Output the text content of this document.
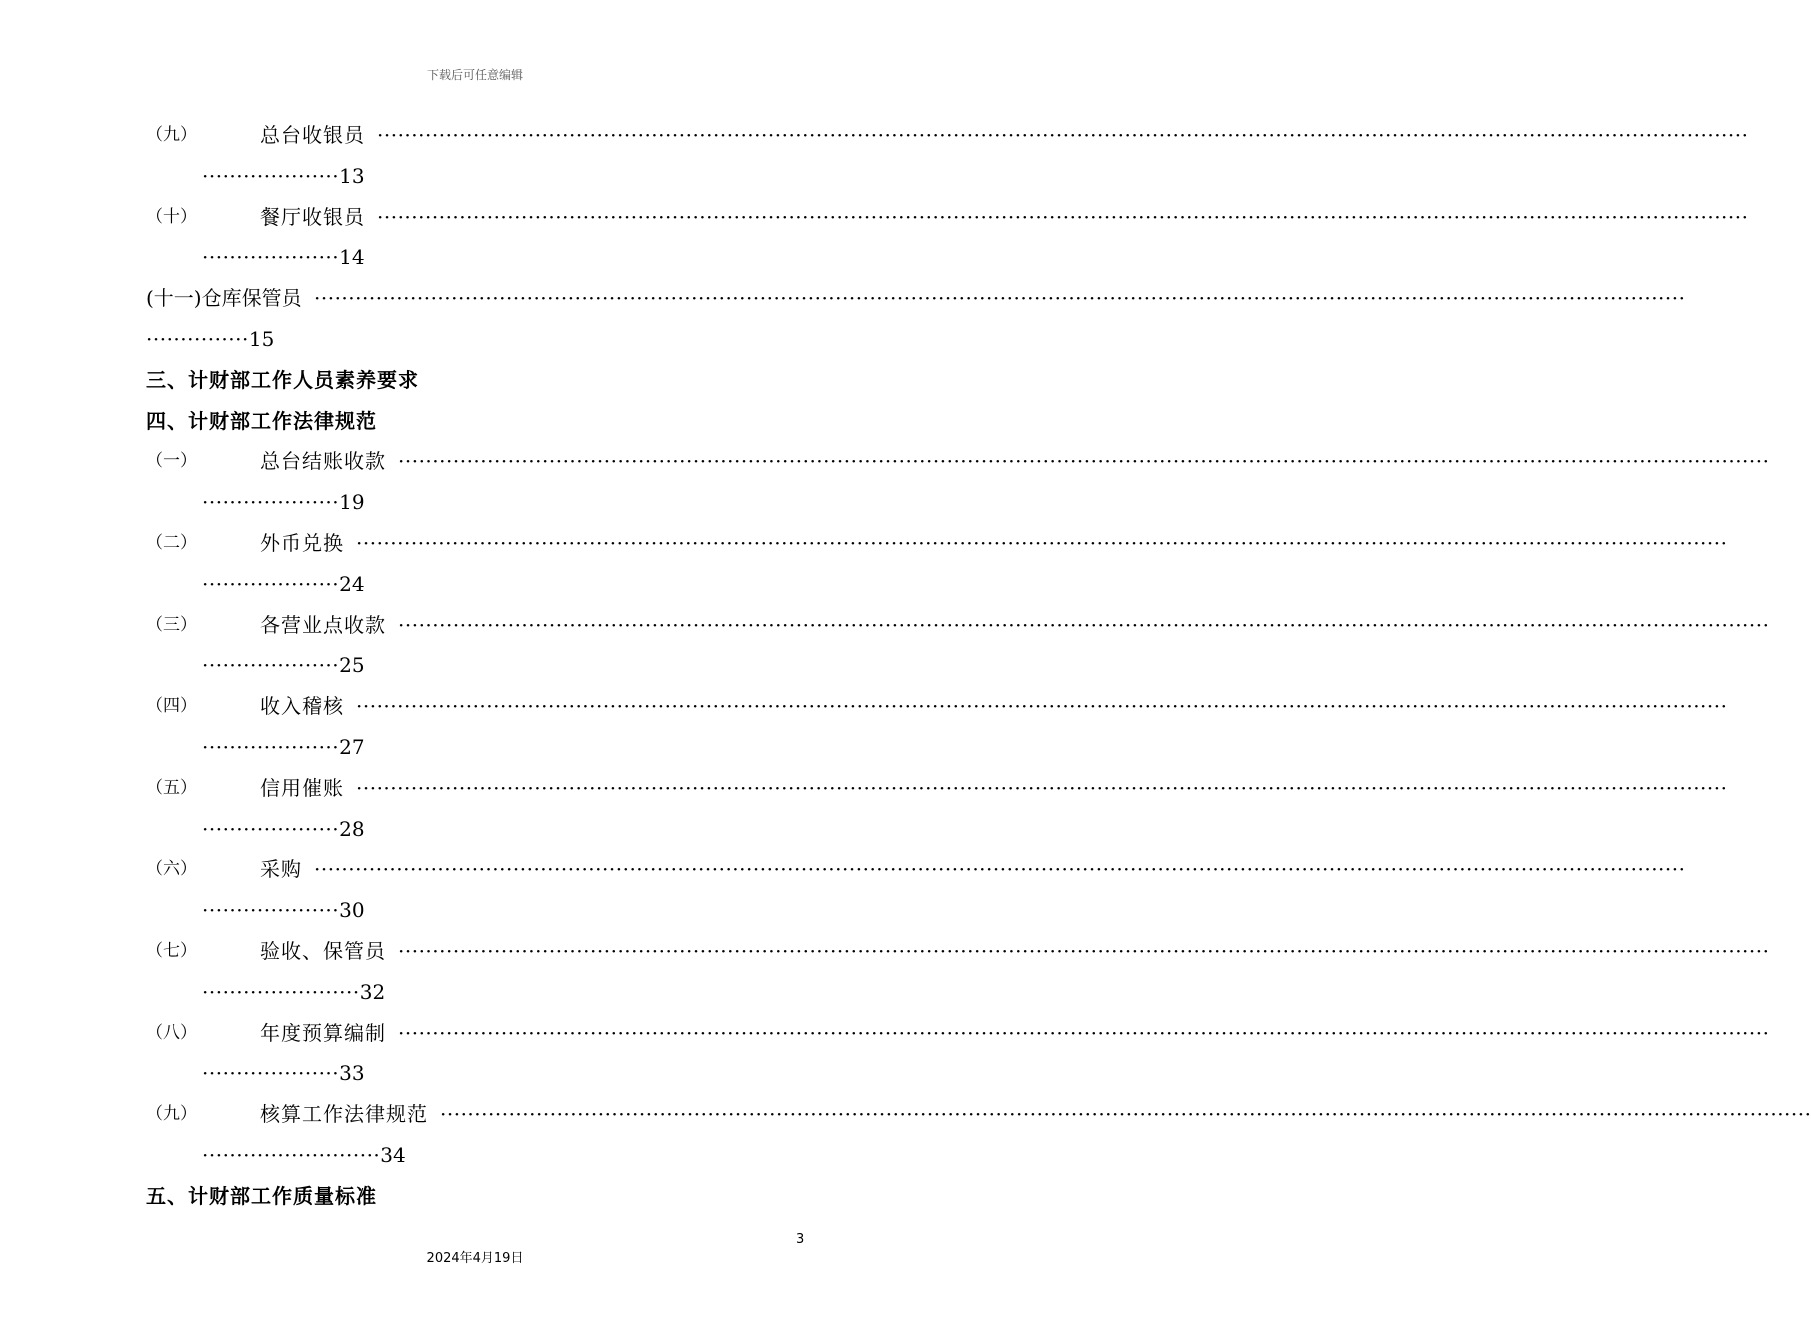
下载后可任意编辑
（九）	总台收银员 ········································································································································································································
····················13
（十）	餐厅收银员 ········································································································································································································
····················14
(十一)仓库保管员 ········································································································································································································
···············15
三、计财部工作人员素养要求
四、计财部工作法律规范
（一）	总台结账收款 ········································································································································································································
····················19
（二）	外币兑换 ········································································································································································································
····················24
（三）	各营业点收款 ········································································································································································································
····················25
（四）	收入稽核 ········································································································································································································
····················27
（五）	信用催账 ········································································································································································································
····················28
（六）	采购 ········································································································································································································
····················30
（七）	验收、保管员 ········································································································································································································
·······················32
（八）	年度预算编制 ········································································································································································································
····················33
（九）	核算工作法律规范 ········································································································································································································
··························34
五、计财部工作质量标准
3
2024年4月19日
